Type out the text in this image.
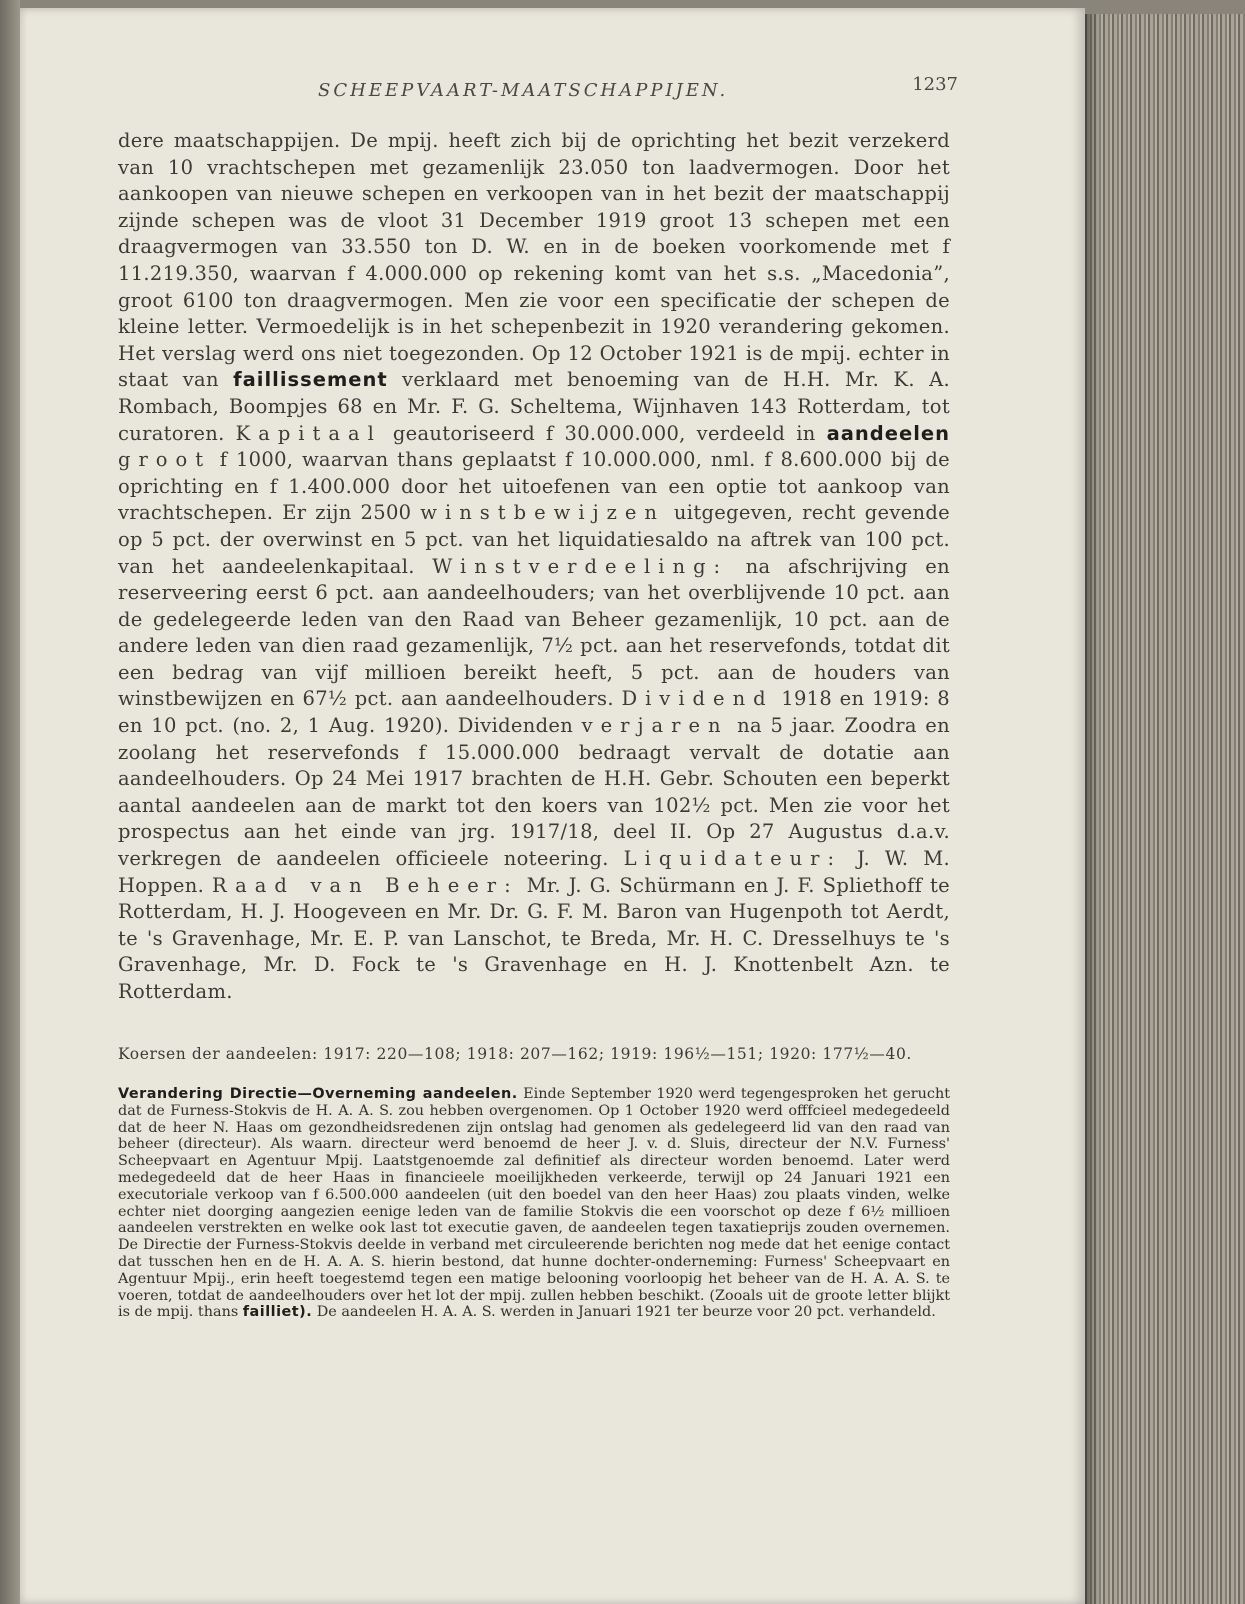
SCHEEPVAART-MAATSCHAPPIJEN.	1237

dere maatschappijen. De mpij. heeft zich bij de oprichting het bezit verzekerd van 10 vrachtschepen met gezamenlijk 23.050 ton laadvermogen. Door het aankoopen van nieuwe schepen en verkoopen van in het bezit der maatschappij zijnde schepen was de vloot 31 December 1919 groot 13 schepen met een draagvermogen van 33.550 ton D. W. en in de boeken voorkomende met f 11.219.350, waarvan f 4.000.000 op rekening komt van het s.s. „Macedonia”, groot 6100 ton draagvermogen. Men zie voor een specificatie der schepen de kleine letter. Vermoedelijk is in het schepenbezit in 1920 verandering gekomen. Het verslag werd ons niet toegezonden. Op 12 October 1921 is de mpij. echter in staat van faillissement verklaard met benoeming van de H.H. Mr. K. A. Rombach, Boompjes 68 en Mr. F. G. Scheltema, Wijnhaven 143 Rotterdam, tot curatoren. Kapitaal geautoriseerd f 30.000.000, verdeeld in aandeelen groot f 1000, waarvan thans geplaatst f 10.000.000, nml. f 8.600.000 bij de oprichting en f 1.400.000 door het uitoefenen van een optie tot aankoop van vrachtschepen. Er zijn 2500 winstbewijzen uitgegeven, recht gevende op 5 pct. der overwinst en 5 pct. van het liquidatiesaldo na aftrek van 100 pct. van het aandeelenkapitaal. Winstverdeeling: na afschrijving en reserveering eerst 6 pct. aan aandeelhouders; van het overblijvende 10 pct. aan de gedelegeerde leden van den Raad van Beheer gezamenlijk, 10 pct. aan de andere leden van dien raad gezamenlijk, 7½ pct. aan het reservefonds, totdat dit een bedrag van vijf millioen bereikt heeft, 5 pct. aan de houders van winstbewijzen en 67½ pct. aan aandeelhouders. Dividend 1918 en 1919: 8 en 10 pct. (no. 2, 1 Aug. 1920). Dividenden verjaren na 5 jaar. Zoodra en zoolang het reservefonds f 15.000.000 bedraagt vervalt de dotatie aan aandeelhouders. Op 24 Mei 1917 brachten de H.H. Gebr. Schouten een beperkt aantal aandeelen aan de markt tot den koers van 102½ pct. Men zie voor het prospectus aan het einde van jrg. 1917/18, deel II. Op 27 Augustus d.a.v. verkregen de aandeelen officieele noteering. Liquidateur: J. W. M. Hoppen. Raad van Beheer: Mr. J. G. Schürmann en J. F. Spliethoff te Rotterdam, H. J. Hoogeveen en Mr. Dr. G. F. M. Baron van Hugenpoth tot Aerdt, te 's Gravenhage, Mr. E. P. van Lanschot, te Breda, Mr. H. C. Dresselhuys te 's Gravenhage, Mr. D. Fock te 's Gravenhage en H. J. Knottenbelt Azn. te Rotterdam.

Koersen der aandeelen: 1917: 220—108; 1918: 207—162; 1919: 196½—151; 1920: 177½—40.

Verandering Directie—Overneming aandeelen. Einde September 1920 werd tegengesproken het gerucht dat de Furness-Stokvis de H. A. A. S. zou hebben overgenomen. Op 1 October 1920 werd offfcieel medegedeeld dat de heer N. Haas om gezondheidsredenen zijn ontslag had genomen als gedelegeerd lid van den raad van beheer (directeur). Als waarn. directeur werd benoemd de heer J. v. d. Sluis, directeur der N.V. Furness' Scheepvaart en Agentuur Mpij. Laatstgenoemde zal definitief als directeur worden benoemd. Later werd medegedeeld dat de heer Haas in financieele moeilijkheden verkeerde, terwijl op 24 Januari 1921 een executoriale verkoop van f 6.500.000 aandeelen (uit den boedel van den heer Haas) zou plaats vinden, welke echter niet doorging aangezien eenige leden van de familie Stokvis die een voorschot op deze f 6½ millioen aandeelen verstrekten en welke ook last tot executie gaven, de aandeelen tegen taxatieprijs zouden overnemen. De Directie der Furness-Stokvis deelde in verband met circuleerende berichten nog mede dat het eenige contact dat tusschen hen en de H. A. A. S. hierin bestond, dat hunne dochter-onderneming: Furness' Scheepvaart en Agentuur Mpij., erin heeft toegestemd tegen een matige belooning voorloopig het beheer van de H. A. A. S. te voeren, totdat de aandeelhouders over het lot der mpij. zullen hebben beschikt. (Zooals uit de groote letter blijkt is de mpij. thans failliet). De aandeelen H. A. A. S. werden in Januari 1921 ter beurze voor 20 pct. verhandeld.
